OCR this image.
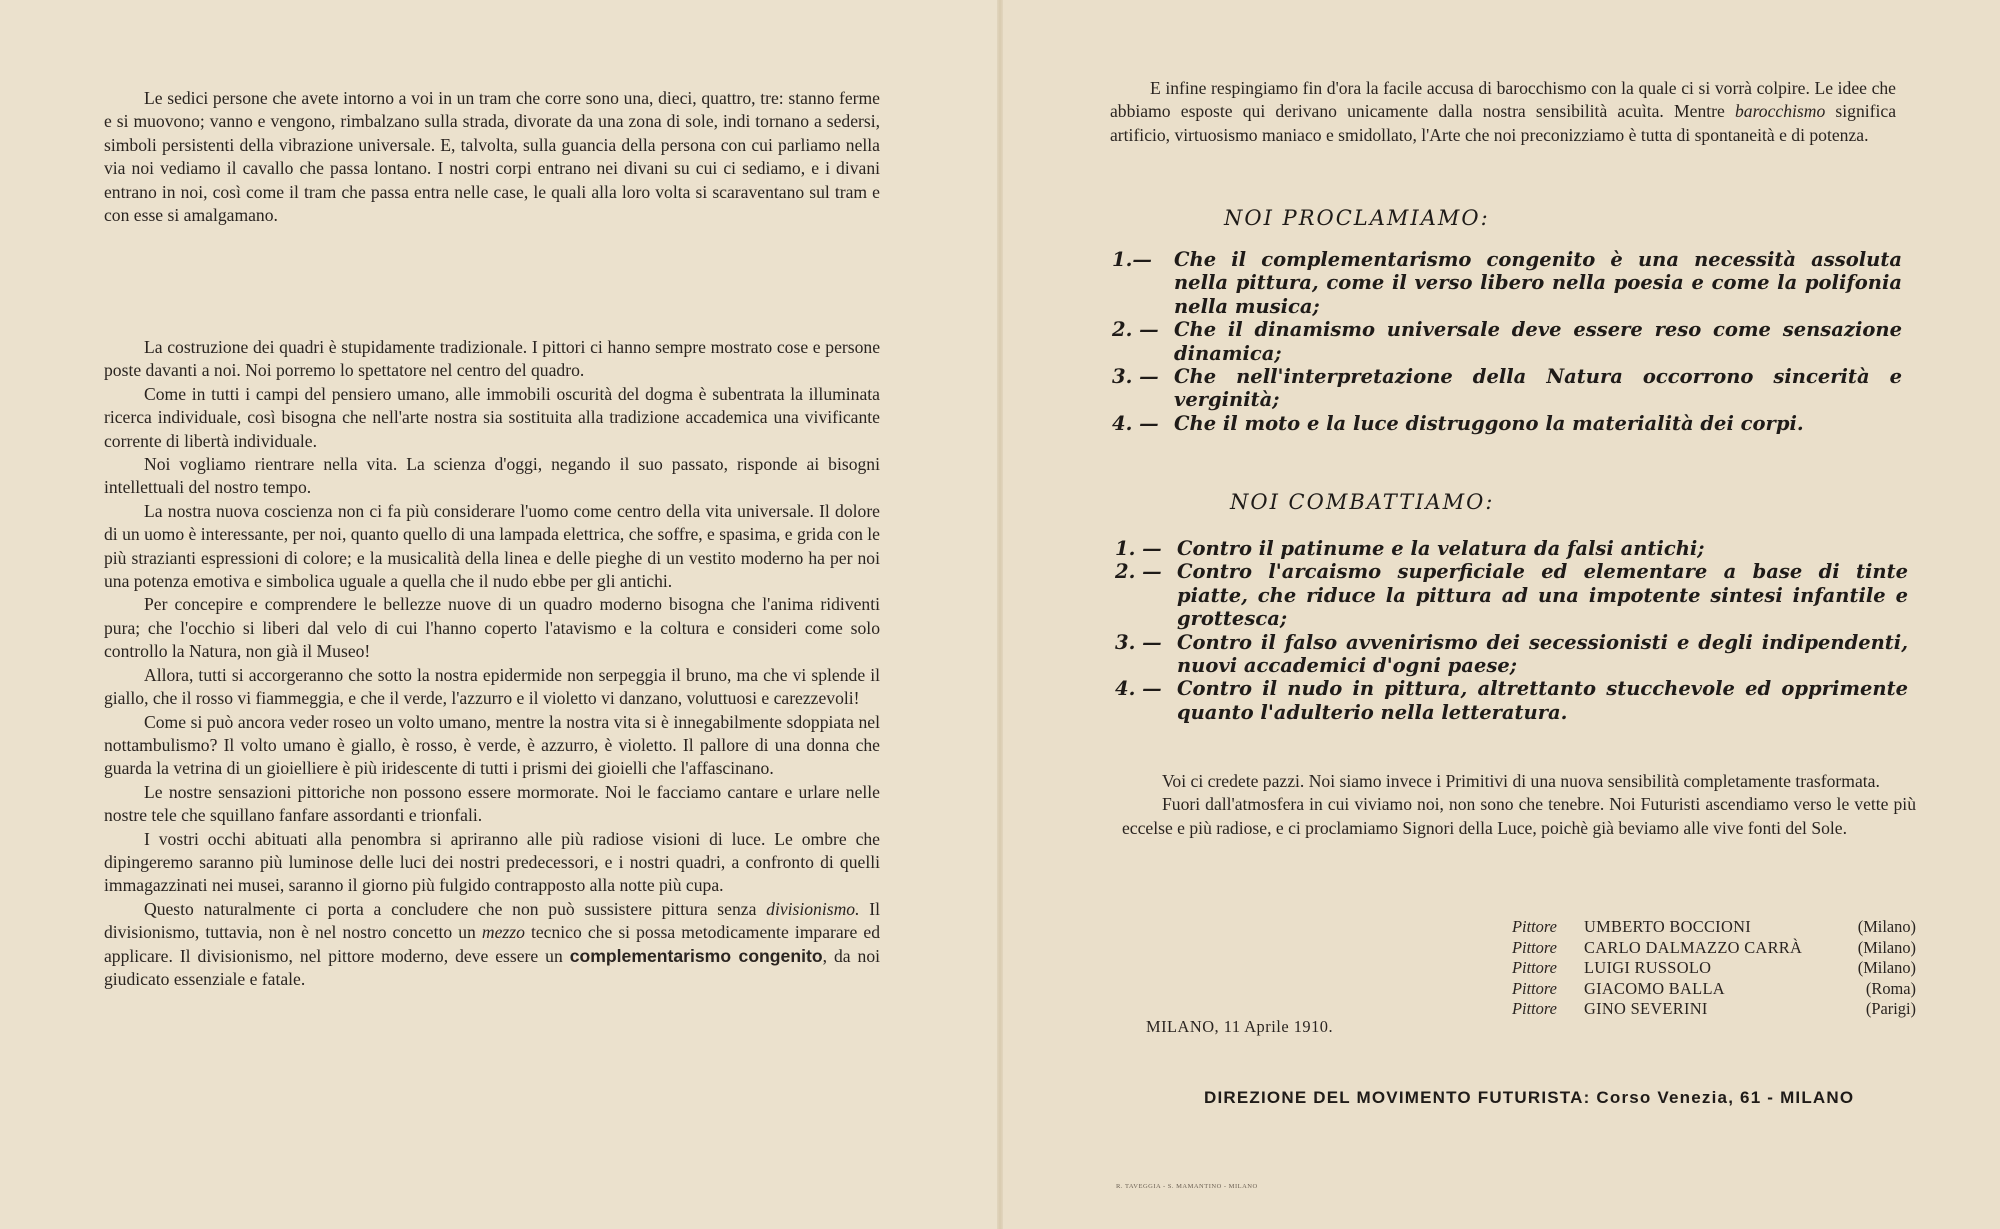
Le sedici persone che avete intorno a voi in un tram che corre sono una, dieci, quattro, tre: stanno ferme e si muovono; vanno e vengono, rimbalzano sulla strada, divorate da una zona di sole, indi tornano a sedersi, simboli persistenti della vibrazione universale. E, talvolta, sulla guancia della persona con cui parliamo nella via noi vediamo il cavallo che passa lontano. I nostri corpi entrano nei divani su cui ci sediamo, e i divani entrano in noi, così come il tram che passa entra nelle case, le quali alla loro volta si scaraventano sul tram e con esse si amalgamano.

La costruzione dei quadri è stupidamente tradizionale. I pittori ci hanno sempre mostrato cose e persone poste davanti a noi. Noi porremo lo spettatore nel centro del quadro.

Come in tutti i campi del pensiero umano, alle immobili oscurità del dogma è subentrata la illuminata ricerca individuale, così bisogna che nell'arte nostra sia sostituita alla tradizione accademica una vivificante corrente di libertà individuale.

Noi vogliamo rientrare nella vita. La scienza d'oggi, negando il suo passato, risponde ai bisogni intellettuali del nostro tempo.

La nostra nuova coscienza non ci fa più considerare l'uomo come centro della vita universale. Il dolore di un uomo è interessante, per noi, quanto quello di una lampada elettrica, che soffre, e spasima, e grida con le più strazianti espressioni di colore; e la musicalità della linea e delle pieghe di un vestito moderno ha per noi una potenza emotiva e simbolica uguale a quella che il nudo ebbe per gli antichi.

Per concepire e comprendere le bellezze nuove di un quadro moderno bisogna che l'anima ridiventi pura; che l'occhio si liberi dal velo di cui l'hanno coperto l'atavismo e la coltura e consideri come solo controllo la Natura, non già il Museo!

Allora, tutti si accorgeranno che sotto la nostra epidermide non serpeggia il bruno, ma che vi splende il giallo, che il rosso vi fiammeggia, e che il verde, l'azzurro e il violetto vi danzano, voluttuosi e carezzevoli!

Come si può ancora veder roseo un volto umano, mentre la nostra vita si è innegabilmente sdoppiata nel nottambulismo? Il volto umano è giallo, è rosso, è verde, è azzurro, è violetto. Il pallore di una donna che guarda la vetrina di un gioielliere è più iridescente di tutti i prismi dei gioielli che l'affascinano.

Le nostre sensazioni pittoriche non possono essere mormorate. Noi le facciamo cantare e urlare nelle nostre tele che squillano fanfare assordanti e trionfali.

I vostri occhi abituati alla penombra si apriranno alle più radiose visioni di luce. Le ombre che dipingeremo saranno più luminose delle luci dei nostri predecessori, e i nostri quadri, a confronto di quelli immagazzinati nei musei, saranno il giorno più fulgido contrapposto alla notte più cupa.

Questo naturalmente ci porta a concludere che non può sussistere pittura senza divisionismo. Il divisionismo, tuttavia, non è nel nostro concetto un mezzo tecnico che si possa metodicamente imparare ed applicare. Il divisionismo, nel pittore moderno, deve essere un complementarismo congenito, da noi giudicato essenziale e fatale.

E infine respingiamo fin d'ora la facile accusa di barocchismo con la quale ci si vorrà colpire. Le idee che abbiamo esposte qui derivano unicamente dalla nostra sensibilità acuìta. Mentre barocchismo significa artificio, virtuosismo maniaco e smidollato, l'Arte che noi preconizziamo è tutta di spontaneità e di potenza.

NOI PROCLAMIAMO:
1.—	Che il complementarismo congenito è una necessità assoluta nella pittura, come il verso libero nella poesia e come la polifonia nella musica;
2. — Che il dinamismo universale deve essere reso come sensazione dinamica;
3. — Che nell'interpretazione della Natura occorrono sincerità e verginità;
4. — Che il moto e la luce distruggono la materialità dei corpi.
NOI COMBATTIAMO:
1. — Contro il patinume e la velatura da falsi antichi;
2. — Contro l'arcaismo superficiale ed elementare a base di tinte piatte, che riduce la pittura ad una impotente sintesi infantile e grottesca;
3. — Contro il falso avvenirismo dei secessionisti e degli indipendenti, nuovi accademici d'ogni paese;
4. — Contro il nudo in pittura, altrettanto stucchevole ed opprimente quanto l'adulterio nella letteratura.

Voi ci credete pazzi. Noi siamo invece i Primitivi di una nuova sensibilità completamente trasformata.

Fuori dall'atmosfera in cui viviamo noi, non sono che tenebre. Noi Futuristi ascendiamo verso le vette più eccelse e più radiose, e ci proclamiamo Signori della Luce, poichè già beviamo alle vive fonti del Sole.

Pittore	UMBERTO BOCCIONI	(Milano)
Pittore	CARLO DALMAZZO CARRÀ	(Milano)
Pittore	LUIGI RUSSOLO	(Milano)
Pittore	GIACOMO BALLA	(Roma)
Pittore	GINO SEVERINI	(Parigi)
MILANO, 11 Aprile 1910.
DIREZIONE DEL MOVIMENTO FUTURISTA: Corso Venezia, 61 - MILANO
R. TAVEGGIA - S. MAMANTINO - MILANO
